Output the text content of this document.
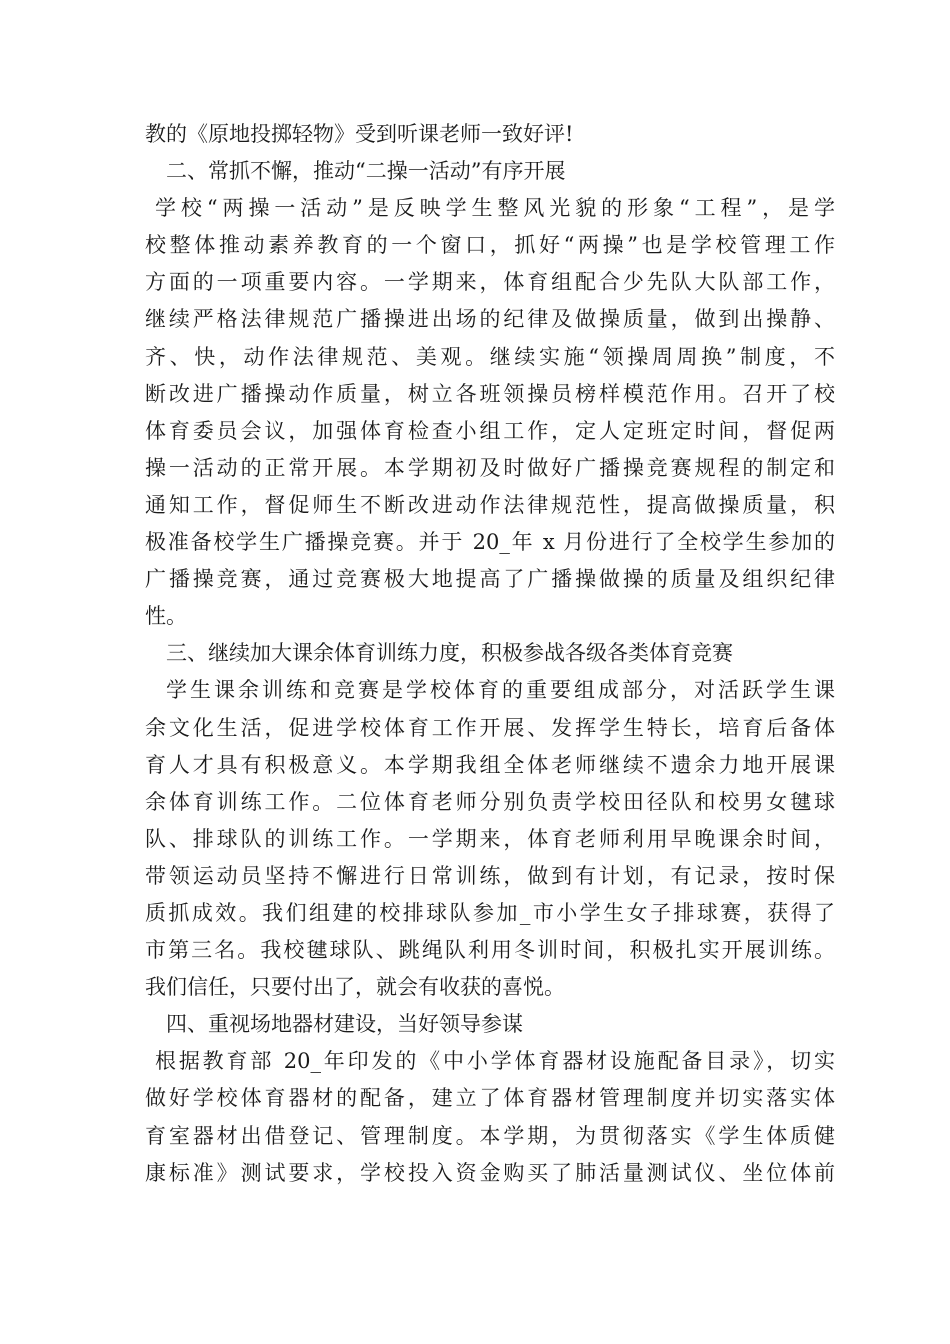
教的《原地投掷轻物》受到听课老师一致好评!
二、常抓不懈，推动“二操一活动”有序开展
学校“两操一活动”是反映学生整风光貌的形象“工程”，是学
校整体推动素养教育的一个窗口，抓好“两操”也是学校管理工作
方面的一项重要内容。一学期来，体育组配合少先队大队部工作，
继续严格法律规范广播操进出场的纪律及做操质量，做到出操静、
齐、快，动作法律规范、美观。继续实施“领操周周换”制度，不
断改进广播操动作质量，树立各班领操员榜样模范作用。召开了校
体育委员会议，加强体育检查小组工作，定人定班定时间，督促两
操一活动的正常开展。本学期初及时做好广播操竞赛规程的制定和
通知工作，督促师生不断改进动作法律规范性，提高做操质量，积
极准备校学生广播操竞赛。并于 20_年 x 月份进行了全校学生参加的
广播操竞赛，通过竞赛极大地提高了广播操做操的质量及组织纪律
性。
三、继续加大课余体育训练力度，积极参战各级各类体育竞赛
学生课余训练和竞赛是学校体育的重要组成部分，对活跃学生课
余文化生活，促进学校体育工作开展、发挥学生特长，培育后备体
育人才具有积极意义。本学期我组全体老师继续不遗余力地开展课
余体育训练工作。二位体育老师分别负责学校田径队和校男女毽球
队、排球队的训练工作。一学期来，体育老师利用早晚课余时间，
带领运动员坚持不懈进行日常训练，做到有计划，有记录，按时保
质抓成效。我们组建的校排球队参加_市小学生女子排球赛，获得了
市第三名。我校毽球队、跳绳队利用冬训时间，积极扎实开展训练。
我们信任，只要付出了，就会有收获的喜悦。
四、重视场地器材建设，当好领导参谋
根据教育部 20_年印发的《中小学体育器材设施配备目录》，切实
做好学校体育器材的配备，建立了体育器材管理制度并切实落实体
育室器材出借登记、管理制度。本学期，为贯彻落实《学生体质健
康标准》测试要求，学校投入资金购买了肺活量测试仪、坐位体前
